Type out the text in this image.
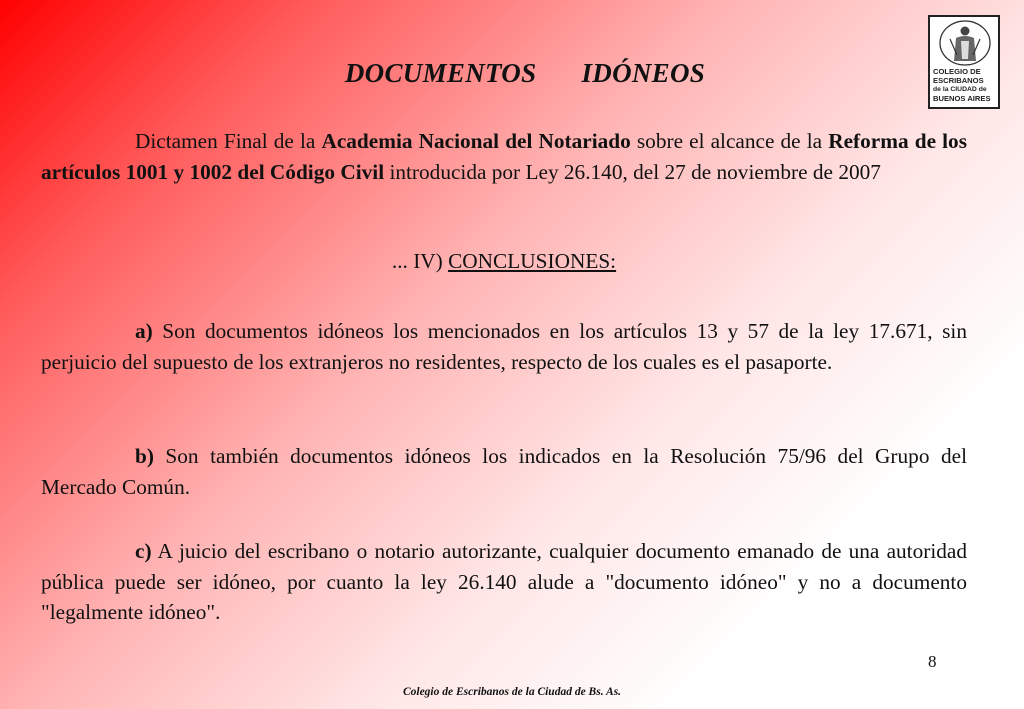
DOCUMENTOS IDÓNEOS	COLEGIO DE
ESCRIBANOS
de la CIUDAD de
BUENOS AIRES
Dictamen Final de la Academia Nacional del Notariado sobre el alcance de la Reforma de los artículos 1001 y 1002 del Código Civil introducida por Ley 26.140, del 27 de noviembre de 2007
... IV) CONCLUSIONES:
a) Son documentos idóneos los mencionados en los artículos 13 y 57 de la ley 17.671, sin perjuicio del supuesto de los extranjeros no residentes, respecto de los cuales es el pasaporte.
b) Son también documentos idóneos los indicados en la Resolución 75/96 del Grupo del Mercado Común.
c) A juicio del escribano o notario autorizante, cualquier documento emanado de una autoridad pública puede ser idóneo, por cuanto la ley 26.140 alude a "documento idóneo" y no a documento "legalmente idóneo".
8
Colegio de Escribanos de la Ciudad de Bs. As.
